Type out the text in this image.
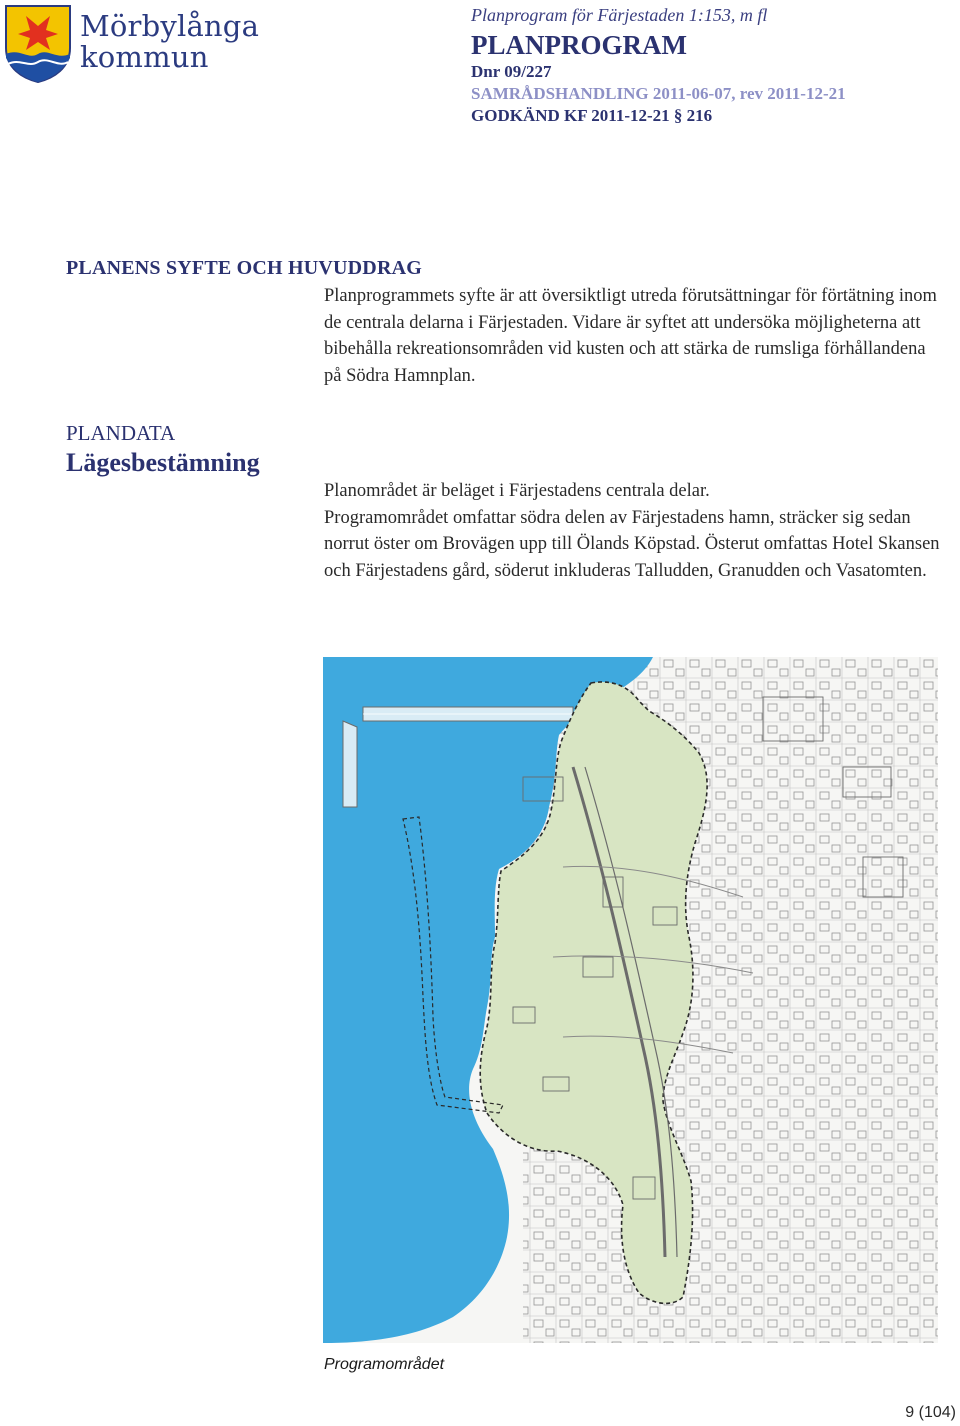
Mörbylånga
kommun
Planprogram för Färjestaden 1:153, m fl
PLANPROGRAM
Dnr 09/227
SAMRÅDSHANDLING 2011-06-07, rev 2011-12-21
GODKÄND KF 2011-12-21 § 216
PLANENS SYFTE OCH HUVUDDRAG

Planprogrammets syfte är att översiktligt utreda förutsättningar för förtätning inom de centrala delarna i Färjestaden. Vidare är syftet att undersöka möjligheterna att bibehålla rekreationsområden vid kusten och att stärka de rumsliga förhållandena på Södra Hamnplan.

PLANDATA
Lägesbestämning

Planområdet är beläget i Färjestadens centrala delar.

Programområdet omfattar södra delen av Färjestadens hamn, sträcker sig sedan norrut öster om Brovägen upp till Ölands Köpstad. Österut omfattas Hotel Skansen och Färjestadens gård, söderut inkluderas Talludden, Granudden och Vasatomten.

Programområdet
9 (104)
